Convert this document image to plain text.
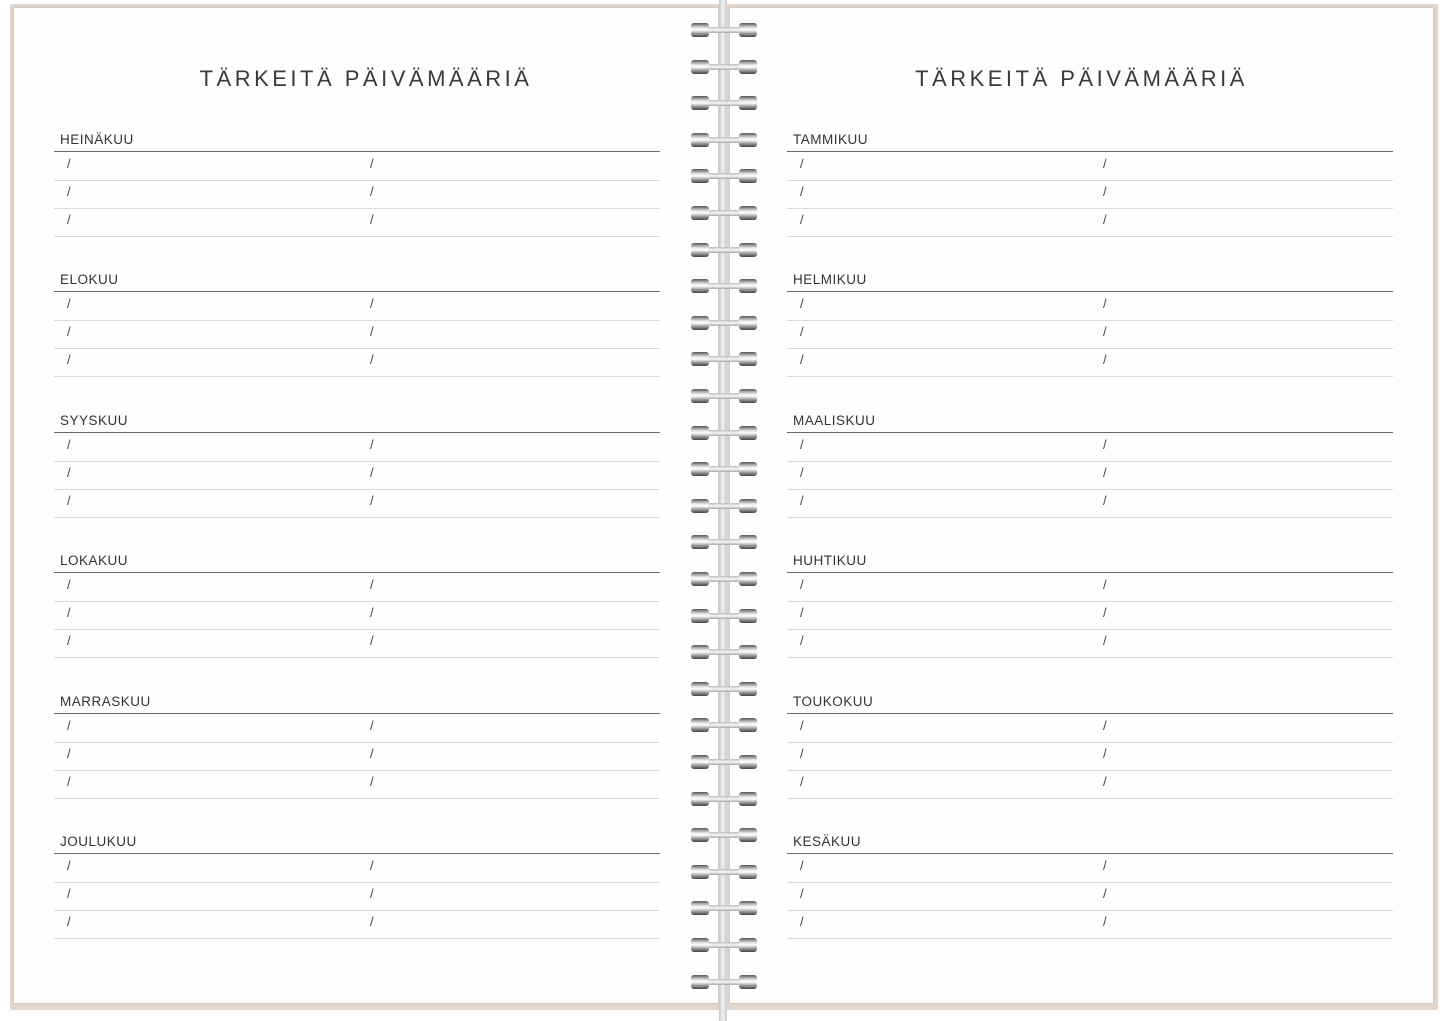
TÄRKEITÄ PÄIVÄMÄÄRIÄ
HEINÄKUU
/	/
/	/
/	/
ELOKUU
/	/
/	/
/	/
SYYSKUU
/	/
/	/
/	/
LOKAKUU
/	/
/	/
/	/
MARRASKUU
/	/
/	/
/	/
JOULUKUU
/	/
/	/
/	/
TÄRKEITÄ PÄIVÄMÄÄRIÄ
TAMMIKUU
/	/
/	/
/	/
HELMIKUU
/	/
/	/
/	/
MAALISKUU
/	/
/	/
/	/
HUHTIKUU
/	/
/	/
/	/
TOUKOKUU
/	/
/	/
/	/
KESÄKUU
/	/
/	/
/	/
